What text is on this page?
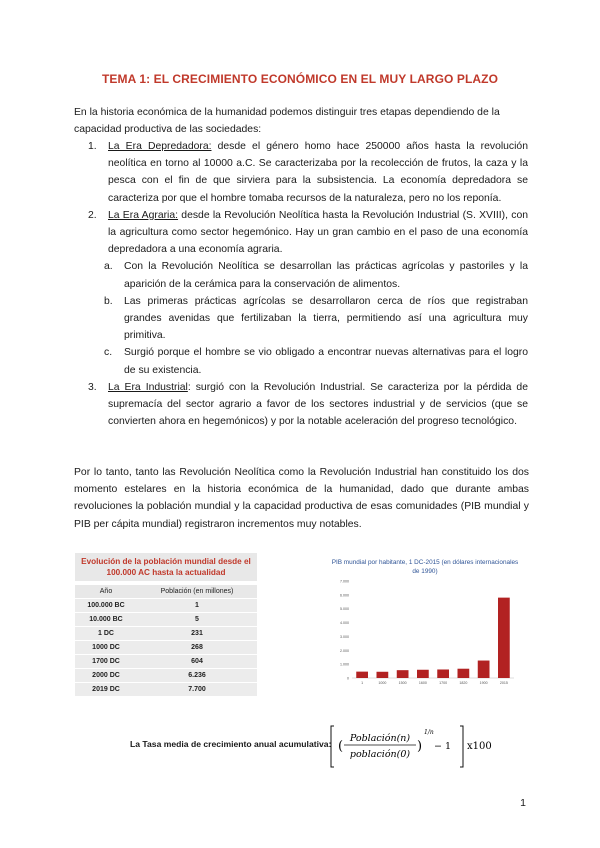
TEMA 1: EL CRECIMIENTO ECONÓMICO EN EL MUY LARGO PLAZO
En la historia económica de la humanidad podemos distinguir tres etapas dependiendo de la capacidad productiva de las sociedades:
1. La Era Depredadora: desde el género homo hace 250000 años hasta la revolución neolítica en torno al 10000 a.C. Se caracterizaba por la recolección de frutos, la caza y la pesca con el fin de que sirviera para la subsistencia. La economía depredadora se caracteriza por que el hombre tomaba recursos de la naturaleza, pero no los reponía.
2. La Era Agraria: desde la Revolución Neolítica hasta la Revolución Industrial (S. XVIII), con la agricultura como sector hegemónico. Hay un gran cambio en el paso de una economía depredadora a una economía agraria.
a. Con la Revolución Neolítica se desarrollan las prácticas agrícolas y pastoriles y la aparición de la cerámica para la conservación de alimentos.
b. Las primeras prácticas agrícolas se desarrollaron cerca de ríos que registraban grandes avenidas que fertilizaban la tierra, permitiendo así una agricultura muy primitiva.
c. Surgió porque el hombre se vio obligado a encontrar nuevas alternativas para el logro de su existencia.
3. La Era Industrial: surgió con la Revolución Industrial. Se caracteriza por la pérdida de supremacía del sector agrario a favor de los sectores industrial y de servicios (que se convierten ahora en hegemónicos) y por la notable aceleración del progreso tecnológico.
Por lo tanto, tanto las Revolución Neolítica como la Revolución Industrial han constituido los dos momento estelares en la historia económica de la humanidad, dado que durante ambas revoluciones la población mundial y la capacidad productiva de esas comunidades (PIB mundial y PIB per cápita mundial) registraron incrementos muy notables.
Evolución de la población mundial desde el 100.000 AC hasta la actualidad
Año	Población (en millones)
100.000 BC	1
10.000 BC	5
1 DC	231
1000 DC	268
1700 DC	604
2000 DC	6.236
2019 DC	7.700
PIB mundial por habitante, 1 DC-2015 (en dólares internacionales de 1990)
0
1.000
2.000
3.000
4.000
5.000
6.000
7.000
1	1000	1500	1600	1700	1820	1900	2015
La Tasa media de crecimiento anual acumulativa: (
Población(n)
población(0)
)
1/n
− 1 x100
1
